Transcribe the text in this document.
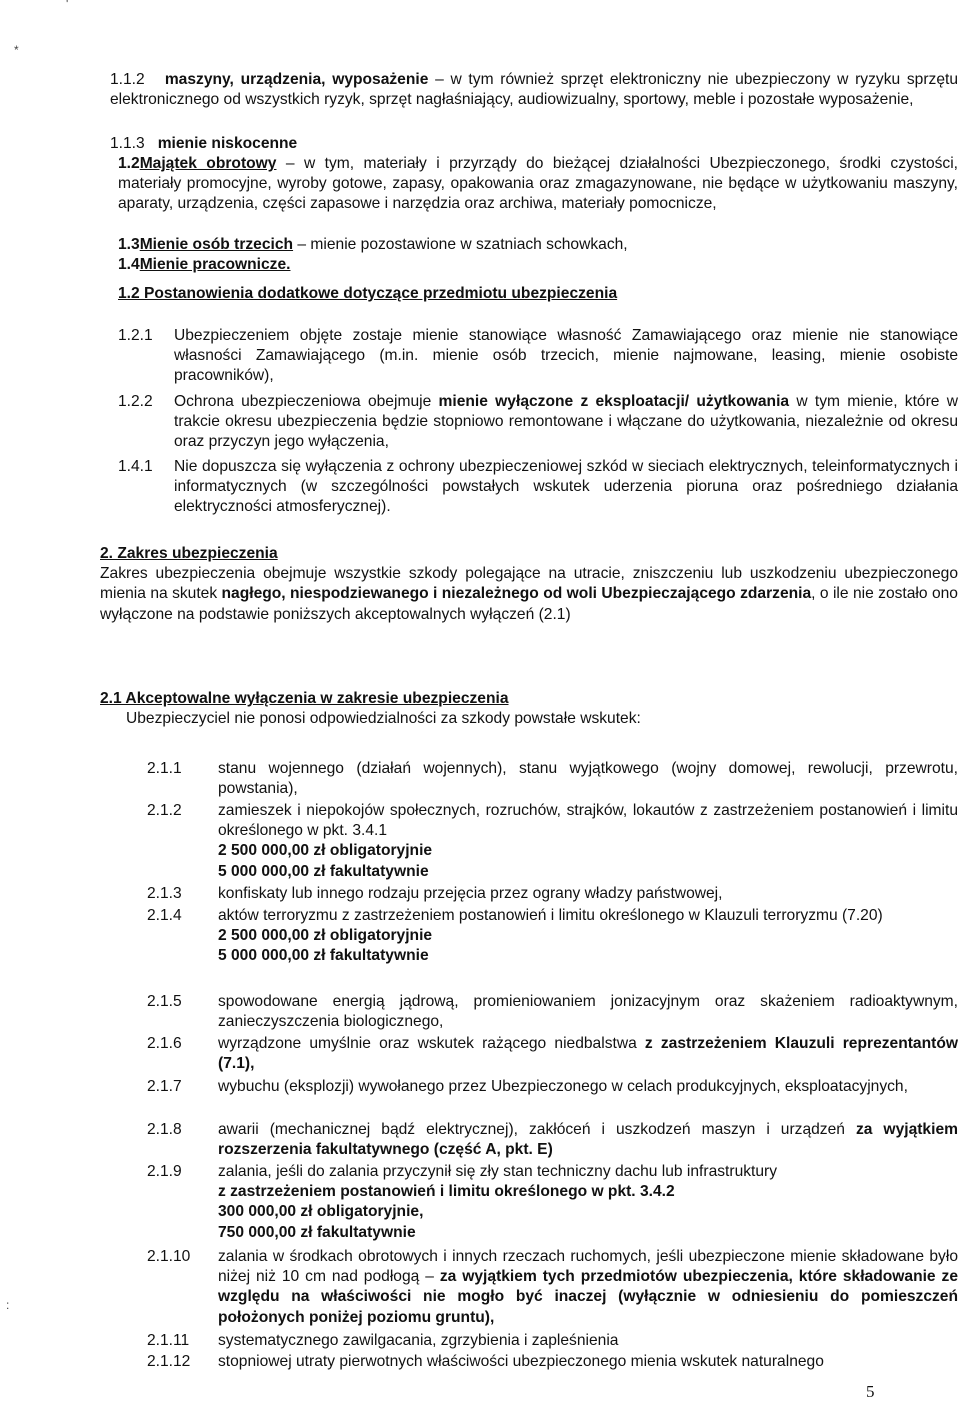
'
*
:
1.1.2 maszyny, urządzenia, wyposażenie – w tym również sprzęt elektroniczny nie ubezpieczony w ryzyku sprzętu elektronicznego od wszystkich ryzyk, sprzęt nagłaśniający, audiowizualny, sportowy, meble i pozostałe wyposażenie,
1.1.3 mienie niskocenne
1.2Majątek obrotowy – w tym, materiały i przyrządy do bieżącej działalności Ubezpieczonego, środki czystości, materiały promocyjne, wyroby gotowe, zapasy, opakowania oraz zmagazynowane, nie będące w użytkowaniu maszyny, aparaty, urządzenia, części zapasowe i narzędzia oraz archiwa, materiały pomocnicze,
1.3Mienie osób trzecich – mienie pozostawione w szatniach schowkach,
1.4Mienie pracownicze.
1.2 Postanowienia dodatkowe dotyczące przedmiotu ubezpieczenia
1.2.1 Ubezpieczeniem objęte zostaje mienie stanowiące własność Zamawiającego oraz mienie nie stanowiące własności Zamawiającego (m.in. mienie osób trzecich, mienie najmowane, leasing, mienie osobiste pracowników),
1.2.2 Ochrona ubezpieczeniowa obejmuje mienie wyłączone z eksploatacji/ użytkowania w tym mienie, które w trakcie okresu ubezpieczenia będzie stopniowo remontowane i włączane do użytkowania, niezależnie od okresu oraz przyczyn jego wyłączenia,
1.4.1 Nie dopuszcza się wyłączenia z ochrony ubezpieczeniowej szkód w sieciach elektrycznych, teleinformatycznych i informatycznych (w szczególności powstałych wskutek uderzenia pioruna oraz pośredniego działania elektryczności atmosferycznej).
2. Zakres ubezpieczenia
Zakres ubezpieczenia obejmuje wszystkie szkody polegające na utracie, zniszczeniu lub uszkodzeniu ubezpieczonego mienia na skutek nagłego, niespodziewanego i niezależnego od woli Ubezpieczającego zdarzenia, o ile nie zostało ono wyłączone na podstawie poniższych akceptowalnych wyłączeń (2.1)
2.1 Akceptowalne wyłączenia w zakresie ubezpieczenia
Ubezpieczyciel nie ponosi odpowiedzialności za szkody powstałe wskutek:
2.1.1 stanu wojennego (działań wojennych), stanu wyjątkowego (wojny domowej, rewolucji, przewrotu, powstania),
2.1.2 zamieszek i niepokojów społecznych, rozruchów, strajków, lokautów z zastrzeżeniem postanowień i limitu określonego w pkt. 3.4.1
2 500 000,00 zł obligatoryjnie
5 000 000,00 zł fakultatywnie
2.1.3 konfiskaty lub innego rodzaju przejęcia przez ograny władzy państwowej,
2.1.4 aktów terroryzmu z zastrzeżeniem postanowień i limitu określonego w Klauzuli terroryzmu (7.20)
2 500 000,00 zł obligatoryjnie
5 000 000,00 zł fakultatywnie
2.1.5 spowodowane energią jądrową, promieniowaniem jonizacyjnym oraz skażeniem radioaktywnym, zanieczyszczenia biologicznego,
2.1.6 wyrządzone umyślnie oraz wskutek rażącego niedbalstwa z zastrzeżeniem Klauzuli reprezentantów (7.1),
2.1.7 wybuchu (eksplozji) wywołanego przez Ubezpieczonego w celach produkcyjnych, eksploatacyjnych,
2.1.8 awarii (mechanicznej bądź elektrycznej), zakłóceń i uszkodzeń maszyn i urządzeń za wyjątkiem rozszerzenia fakultatywnego (część A, pkt. E)
2.1.9 zalania, jeśli do zalania przyczynił się zły stan techniczny dachu lub infrastruktury
z zastrzeżeniem postanowień i limitu określonego w pkt. 3.4.2
300 000,00 zł obligatoryjnie,
750 000,00 zł fakultatywnie
2.1.10 zalania w środkach obrotowych i innych rzeczach ruchomych, jeśli ubezpieczone mienie składowane było niżej niż 10 cm nad podłogą – za wyjątkiem tych przedmiotów ubezpieczenia, które składowanie ze względu na właściwości nie mogło być inaczej (wyłącznie w odniesieniu do pomieszczeń położonych poniżej poziomu gruntu),
2.1.11 systematycznego zawilgacania, zgrzybienia i zapleśnienia
2.1.12 stopniowej utraty pierwotnych właściwości ubezpieczonego mienia wskutek naturalnego
5
